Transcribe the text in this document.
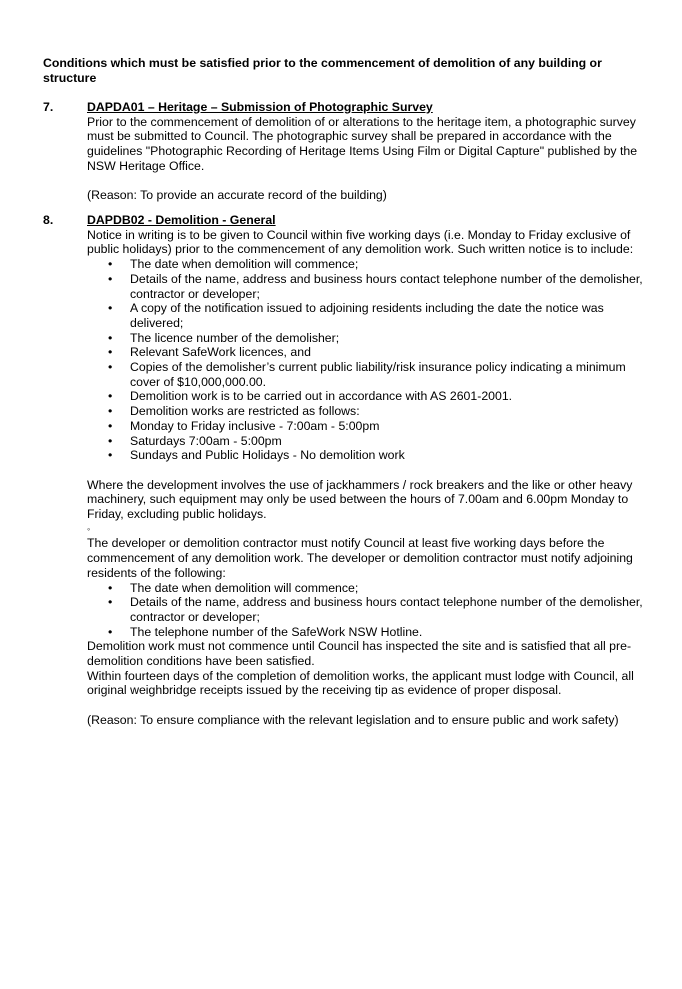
Conditions which must be satisfied prior to the commencement of demolition of any building or structure
7.	DAPDA01 – Heritage – Submission of Photographic Survey

Prior to the commencement of demolition of or alterations to the heritage item, a photographic survey must be submitted to Council. The photographic survey shall be prepared in accordance with the guidelines "Photographic Recording of Heritage Items Using Film or Digital Capture" published by the NSW Heritage Office.

(Reason: To provide an accurate record of the building)

8.	DAPDB02 - Demolition - General

Notice in writing is to be given to Council within five working days (i.e. Monday to Friday exclusive of public holidays) prior to the commencement of any demolition work. Such written notice is to include:

• The date when demolition will commence;
• Details of the name, address and business hours contact telephone number of the demolisher, contractor or developer;
• A copy of the notification issued to adjoining residents including the date the notice was delivered;
• The licence number of the demolisher;
• Relevant SafeWork licences, and
• Copies of the demolisher’s current public liability/risk insurance policy indicating a minimum cover of $10,000,000.00.
• Demolition work is to be carried out in accordance with AS 2601-2001.
• Demolition works are restricted as follows:
• Monday to Friday inclusive - 7:00am - 5:00pm
• Saturdays 7:00am - 5:00pm
• Sundays and Public Holidays - No demolition work

Where the development involves the use of jackhammers / rock breakers and the like or other heavy machinery, such equipment may only be used between the hours of 7.00am and 6.00pm Monday to Friday, excluding public holidays.

◦

The developer or demolition contractor must notify Council at least five working days before the commencement of any demolition work. The developer or demolition contractor must notify adjoining residents of the following:

• The date when demolition will commence;
• Details of the name, address and business hours contact telephone number of the demolisher, contractor or developer;
• The telephone number of the SafeWork NSW Hotline.

Demolition work must not commence until Council has inspected the site and is satisfied that all pre-demolition conditions have been satisfied.

Within fourteen days of the completion of demolition works, the applicant must lodge with Council, all original weighbridge receipts issued by the receiving tip as evidence of proper disposal.

(Reason: To ensure compliance with the relevant legislation and to ensure public and work safety)
